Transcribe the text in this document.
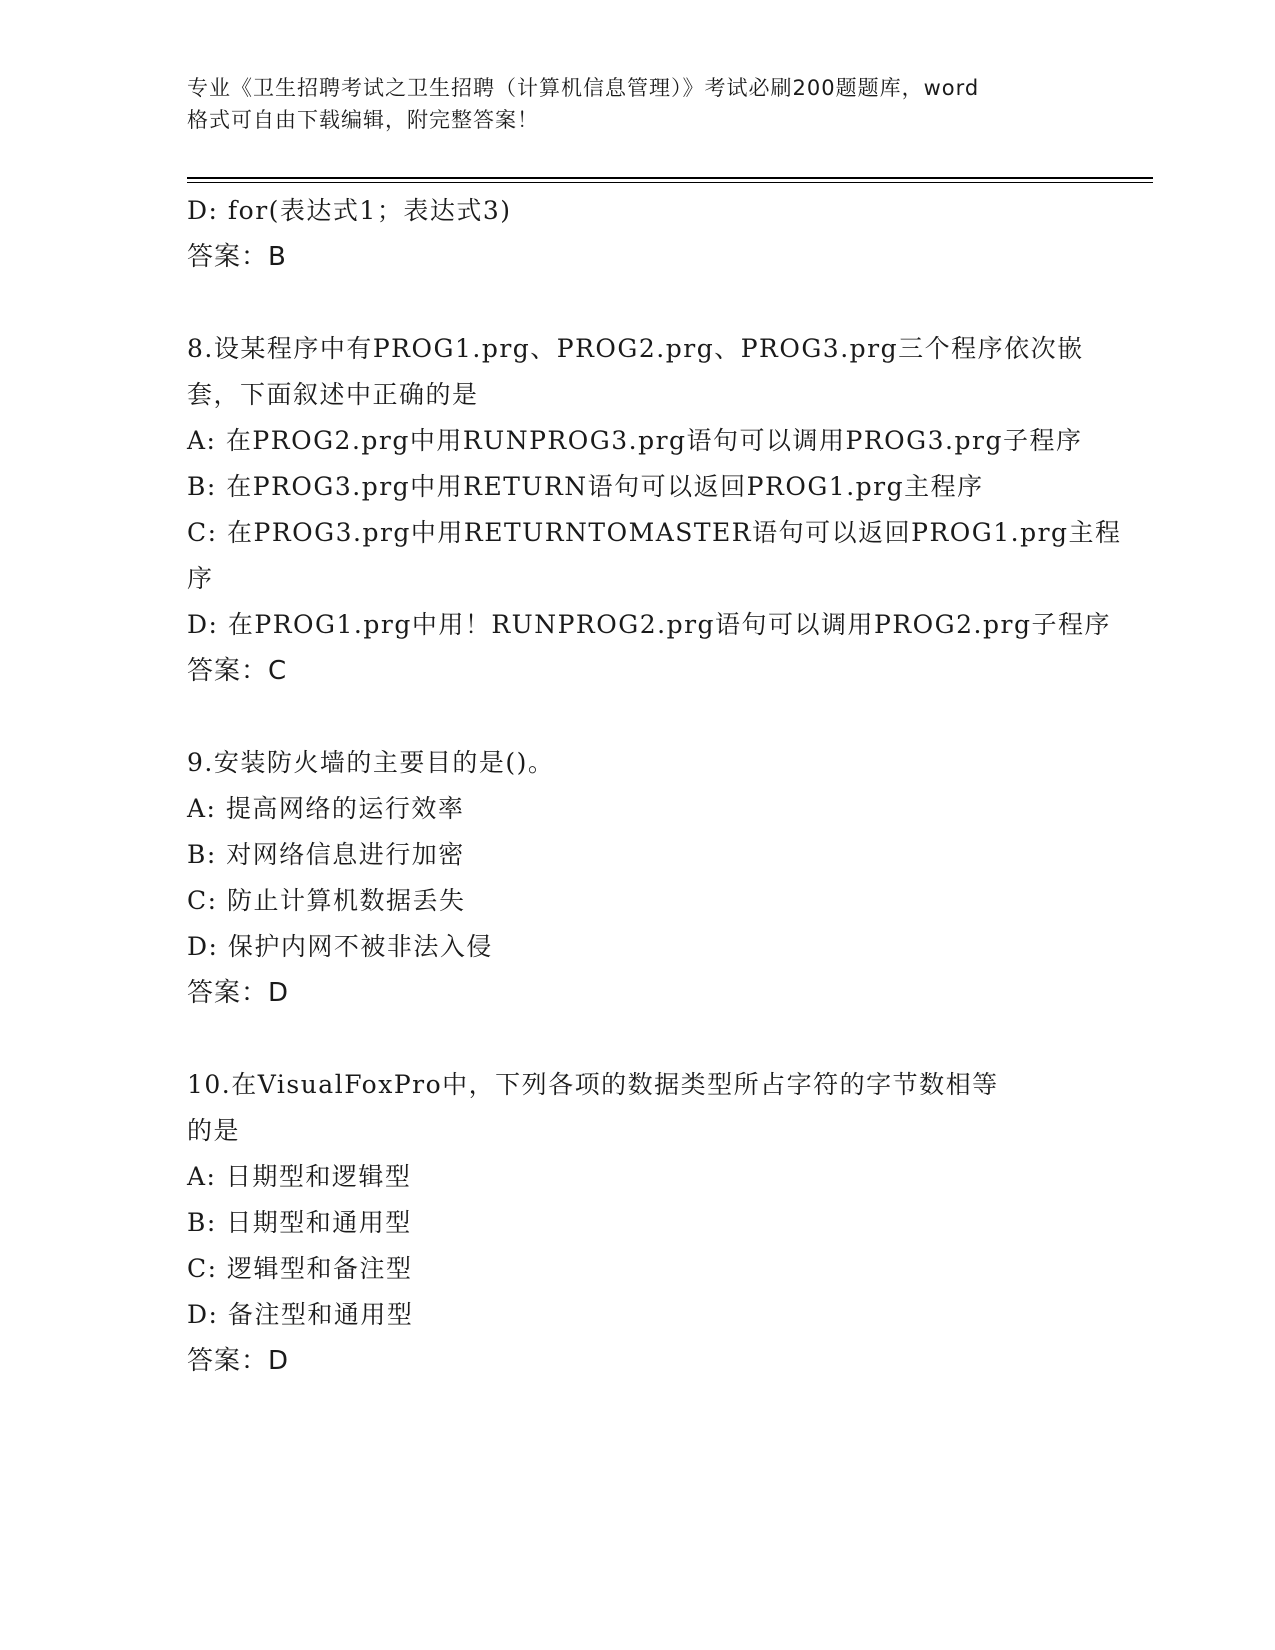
专业《卫生招聘考试之卫生招聘（计算机信息管理）》考试必刷200题题库，word
格式可自由下载编辑，附完整答案！
D: for(表达式1；表达式3)
答案：B
8.设某程序中有PROG1.prg、PROG2.prg、PROG3.prg三个程序依次嵌
套，下面叙述中正确的是
A: 在PROG2.prg中用RUNPROG3.prg语句可以调用PROG3.prg子程序
B: 在PROG3.prg中用RETURN语句可以返回PROG1.prg主程序
C: 在PROG3.prg中用RETURNTOMASTER语句可以返回PROG1.prg主程
序
D: 在PROG1.prg中用！RUNPROG2.prg语句可以调用PROG2.prg子程序
答案：C
9.安装防火墙的主要目的是()。
A: 提高网络的运行效率
B: 对网络信息进行加密
C: 防止计算机数据丢失
D: 保护内网不被非法入侵
答案：D
10.在VisualFoxPro中，下列各项的数据类型所占字符的字节数相等
的是
A: 日期型和逻辑型
B: 日期型和通用型
C: 逻辑型和备注型
D: 备注型和通用型
答案：D
